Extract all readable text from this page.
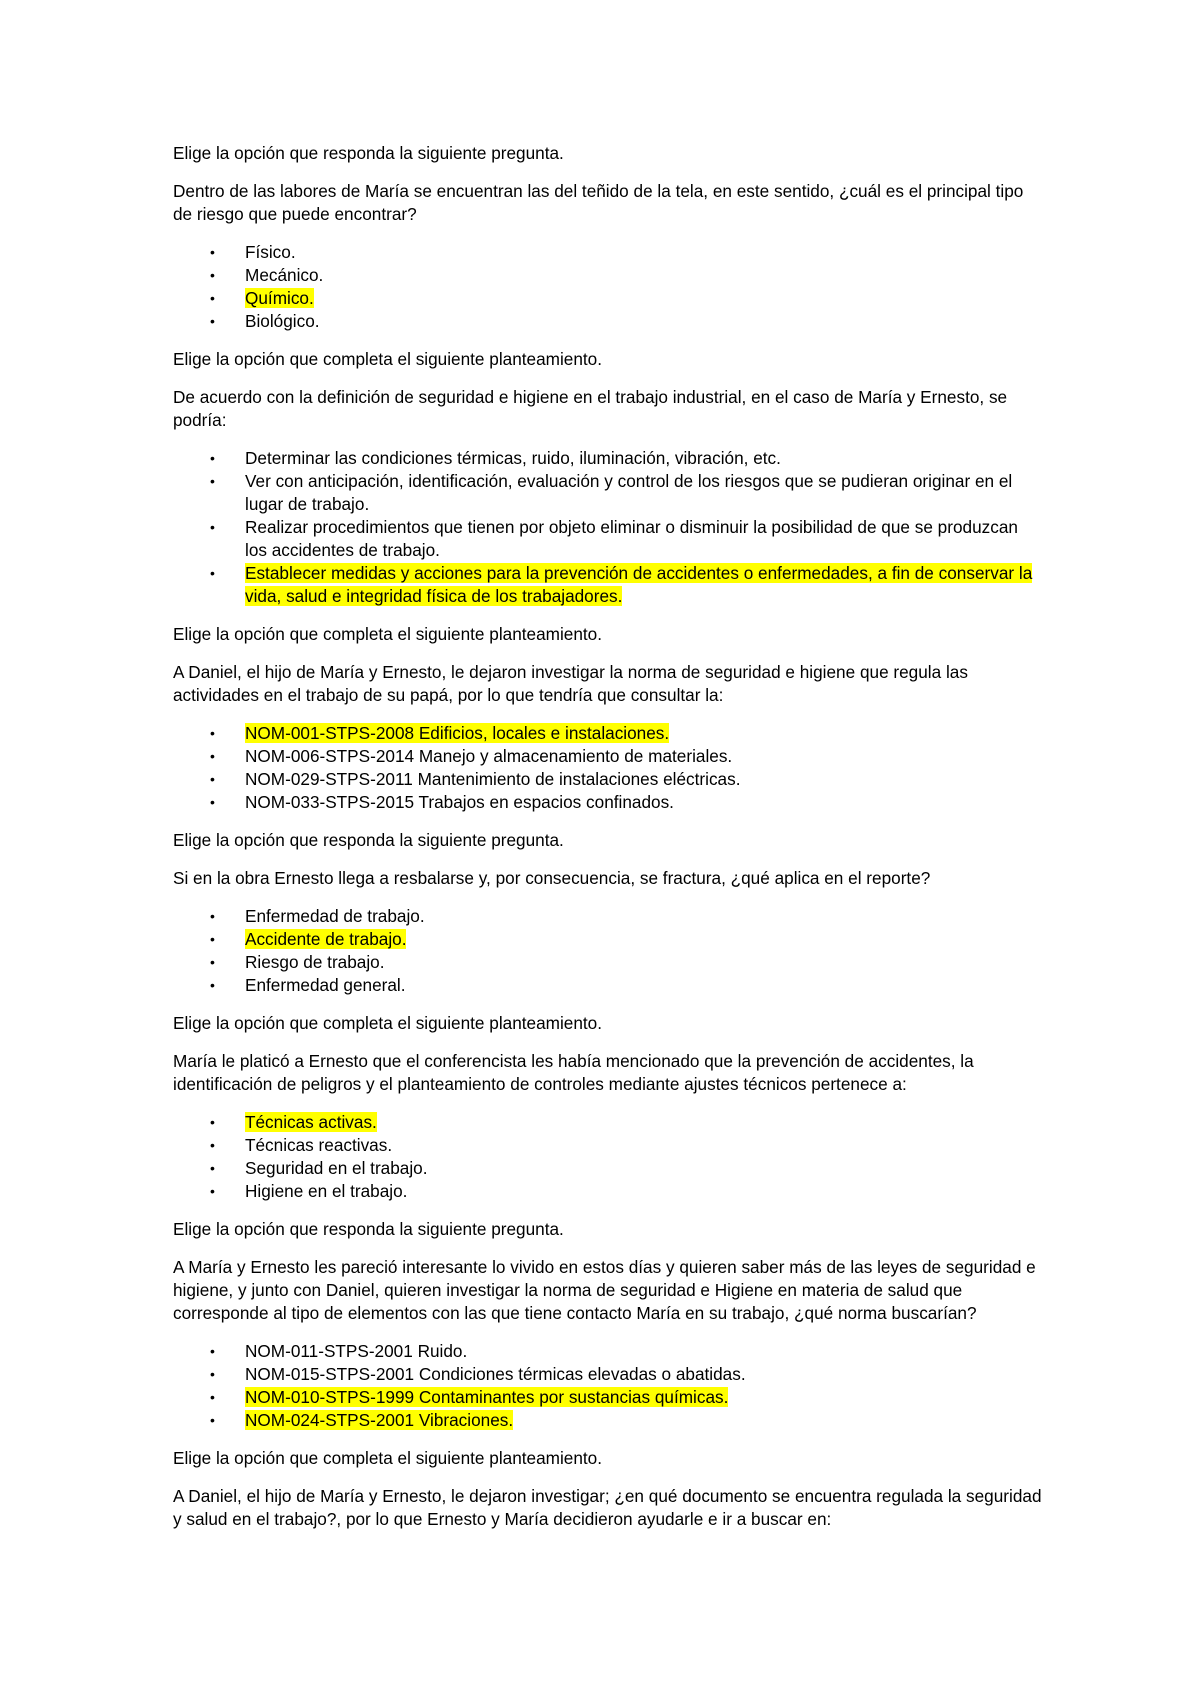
Elige la opción que responda la siguiente pregunta.

Dentro de las labores de María se encuentran las del teñido de la tela, en este sentido, ¿cuál es el principal tipo de riesgo que puede encontrar?

• Físico.
• Mecánico.
• Químico.
• Biológico.

Elige la opción que completa el siguiente planteamiento.

De acuerdo con la definición de seguridad e higiene en el trabajo industrial, en el caso de María y Ernesto, se podría:

• Determinar las condiciones térmicas, ruido, iluminación, vibración, etc.
• Ver con anticipación, identificación, evaluación y control de los riesgos que se pudieran originar en el lugar de trabajo.
• Realizar procedimientos que tienen por objeto eliminar o disminuir la posibilidad de que se produzcan los accidentes de trabajo.
• Establecer medidas y acciones para la prevención de accidentes o enfermedades, a fin de conservar la vida, salud e integridad física de los trabajadores.

Elige la opción que completa el siguiente planteamiento.

A Daniel, el hijo de María y Ernesto, le dejaron investigar la norma de seguridad e higiene que regula las actividades en el trabajo de su papá, por lo que tendría que consultar la:

• NOM-001-STPS-2008 Edificios, locales e instalaciones.
• NOM-006-STPS-2014 Manejo y almacenamiento de materiales.
• NOM-029-STPS-2011 Mantenimiento de instalaciones eléctricas.
• NOM-033-STPS-2015 Trabajos en espacios confinados.

Elige la opción que responda la siguiente pregunta.

Si en la obra Ernesto llega a resbalarse y, por consecuencia, se fractura, ¿qué aplica en el reporte?

• Enfermedad de trabajo.
• Accidente de trabajo.
• Riesgo de trabajo.
• Enfermedad general.

Elige la opción que completa el siguiente planteamiento.

María le platicó a Ernesto que el conferencista les había mencionado que la prevención de accidentes, la identificación de peligros y el planteamiento de controles mediante ajustes técnicos pertenece a:

• Técnicas activas.
• Técnicas reactivas.
• Seguridad en el trabajo.
• Higiene en el trabajo.

Elige la opción que responda la siguiente pregunta.

A María y Ernesto les pareció interesante lo vivido en estos días y quieren saber más de las leyes de seguridad e higiene, y junto con Daniel, quieren investigar la norma de seguridad e Higiene en materia de salud que corresponde al tipo de elementos con las que tiene contacto María en su trabajo, ¿qué norma buscarían?

• NOM-011-STPS-2001 Ruido.
• NOM-015-STPS-2001 Condiciones térmicas elevadas o abatidas.
• NOM-010-STPS-1999 Contaminantes por sustancias químicas.
• NOM-024-STPS-2001 Vibraciones.

Elige la opción que completa el siguiente planteamiento.

A Daniel, el hijo de María y Ernesto, le dejaron investigar; ¿en qué documento se encuentra regulada la seguridad y salud en el trabajo?, por lo que Ernesto y María decidieron ayudarle e ir a buscar en:
